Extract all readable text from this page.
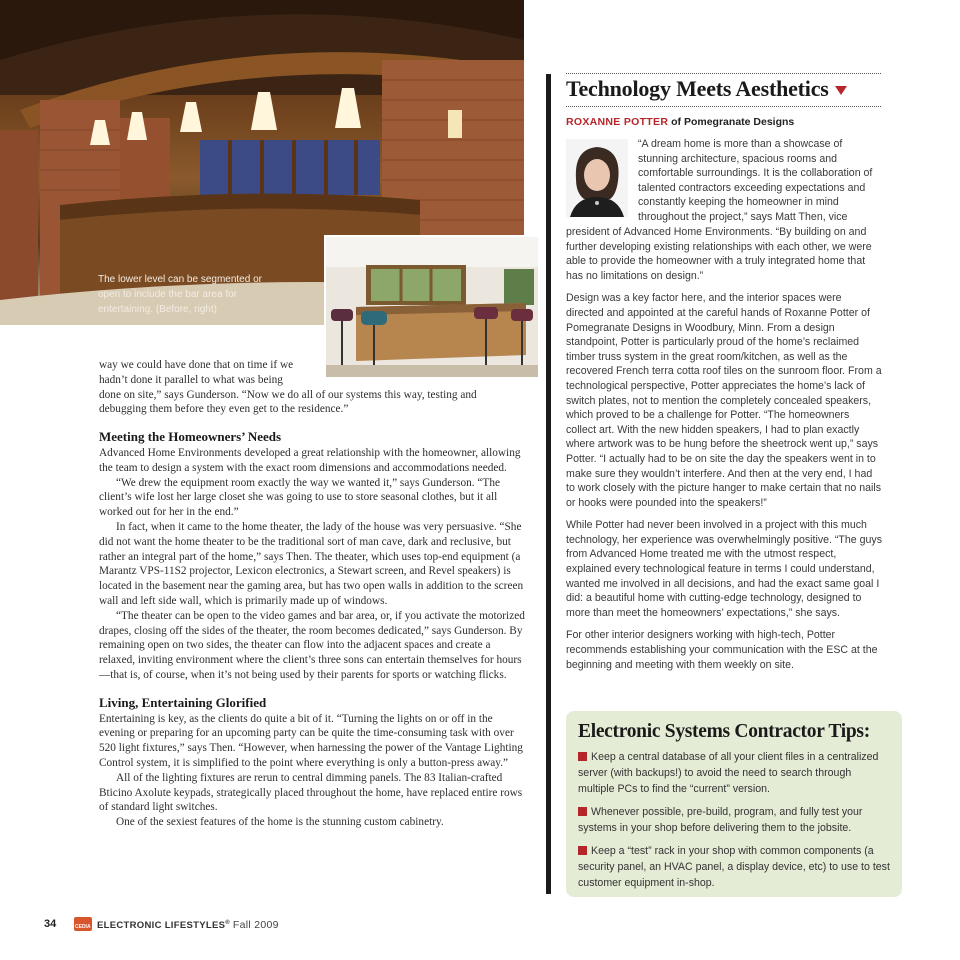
The lower level can be segmented or open to include the bar area for entertaining. (Before, right)

way we could have done that on time if we

hadn’t done it parallel to what was being

done on site,” says Gunderson. “Now we do all of our systems this way, testing and debugging them before they even get to the residence.”

Meeting the Homeowners’ Needs

Advanced Home Environments developed a great relationship with the homeowner, allowing the team to design a system with the exact room dimensions and accommodations needed.

“We drew the equipment room exactly the way we wanted it,” says Gunderson. “The client’s wife lost her large closet she was going to use to store seasonal clothes, but it all worked out for her in the end.”

In fact, when it came to the home theater, the lady of the house was very persuasive. “She did not want the home theater to be the traditional sort of man cave, dark and reclusive, but rather an integral part of the home,” says Then. The theater, which uses top-end equipment (a Marantz VPS-11S2 projector, Lexicon electronics, a Stewart screen, and Revel speakers) is located in the basement near the gaming area, but has two open walls in addition to the screen wall and left side wall, which is primarily made up of windows.

“The theater can be open to the video games and bar area, or, if you activate the motorized drapes, closing off the sides of the theater, the room becomes dedicated,” says Gunderson. By remaining open on two sides, the theater can flow into the adjacent spaces and create a relaxed, inviting environment where the client’s three sons can entertain themselves for hours—that is, of course, when it’s not being used by their parents for sports or watching flicks.

Living, Entertaining Glorified

Entertaining is key, as the clients do quite a bit of it. “Turning the lights on or off in the evening or preparing for an upcoming party can be quite the time-consuming task with over 520 light fixtures,” says Then. “However, when harnessing the power of the Vantage Lighting Control system, it is simplified to the point where everything is only a button-press away.”

All of the lighting fixtures are rerun to central dimming panels. The 83 Italian-crafted Bticino Axolute keypads, strategically placed throughout the home, have replaced entire rows of standard light switches.

One of the sexiest features of the home is the stunning custom cabinetry.

Technology Meets Aesthetics
ROXANNE POTTER of Pomegranate Designs
“A dream home is more than a showcase of stunning architecture, spacious rooms and comfortable surroundings. It is the collaboration of talented contractors exceeding expectations and constantly keeping the homeowner in mind throughout the project,” says Matt Then, vice

president of Advanced Home Environments. “By building on and further developing existing relationships with each other, we were able to provide the homeowner with a truly integrated home that has no limitations on design.”

Design was a key factor here, and the interior spaces were directed and appointed at the careful hands of Roxanne Potter of Pomegranate Designs in Woodbury, Minn. From a design standpoint, Potter is particularly proud of the home’s reclaimed timber truss system in the great room/kitchen, as well as the recovered French terra cotta roof tiles on the sunroom floor. From a technological perspective, Potter appreciates the home’s lack of switch plates, not to mention the completely concealed speakers, which proved to be a challenge for Potter. “The homeowners collect art. With the new hidden speakers, I had to plan exactly where artwork was to be hung before the sheetrock went up,” says Potter. “I actually had to be on site the day the speakers went in to make sure they wouldn’t interfere. And then at the very end, I had to work closely with the picture hanger to make certain that no nails or hooks were pounded into the speakers!”

While Potter had never been involved in a project with this much technology, her experience was overwhelmingly positive. “The guys from Advanced Home treated me with the utmost respect, explained every technological feature in terms I could understand, wanted me involved in all decisions, and had the exact same goal I did: a beautiful home with cutting-edge technology, designed to more than meet the homeowners’ expectations,” she says.

For other interior designers working with high-tech, Potter recommends establishing your communication with the ESC at the beginning and meeting with them weekly on site.

Electronic Systems Contractor Tips:
Keep a central database of all your client files in a centralized server (with backups!) to avoid the need to search through multiple PCs to find the “current” version.
Whenever possible, pre-build, program, and fully test your systems in your shop before delivering them to the jobsite.
Keep a “test” rack in your shop with common components (a security panel, an HVAC panel, a display device, etc) to use to test customer equipment in-shop.
34	CEDIA ELECTRONIC LIFESTYLES® Fall 2009
